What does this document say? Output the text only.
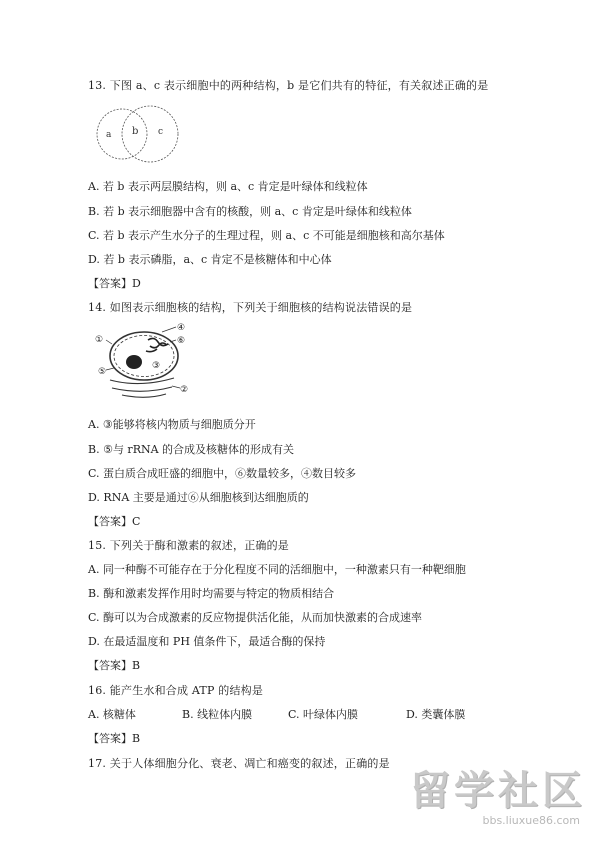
13. 下图 a、c 表示细胞中的两种结构，b 是它们共有的特征，有关叙述正确的是
a b c
A. 若 b 表示两层膜结构，则 a、c 肯定是叶绿体和线粒体
B. 若 b 表示细胞器中含有的核酸，则 a、c 肯定是叶绿体和线粒体
C. 若 b 表示产生水分子的生理过程，则 a、c 不可能是细胞核和高尔基体
D. 若 b 表示磷脂，a、c 肯定不是核糖体和中心体
【答案】D
14. 如图表示细胞核的结构，下列关于细胞核的结构说法错误的是
④
⑥
①
⑤
②
③
A. ③能够将核内物质与细胞质分开
B. ⑤与 rRNA 的合成及核糖体的形成有关
C. 蛋白质合成旺盛的细胞中，⑥数量较多，④数目较多
D. RNA 主要是通过⑥从细胞核到达细胞质的
【答案】C
15. 下列关于酶和激素的叙述，正确的是
A. 同一种酶不可能存在于分化程度不同的活细胞中，一种激素只有一种靶细胞
B. 酶和激素发挥作用时均需要与特定的物质相结合
C. 酶可以为合成激素的反应物提供活化能，从而加快激素的合成速率
D. 在最适温度和 PH 值条件下，最适合酶的保持
【答案】B
16. 能产生水和合成 ATP 的结构是
A. 核糖体	B. 线粒体内膜	C. 叶绿体内膜	D. 类囊体膜
【答案】B
17. 关于人体细胞分化、衰老、凋亡和癌变的叙述，正确的是
留学社区
bbs.liuxue86.com
